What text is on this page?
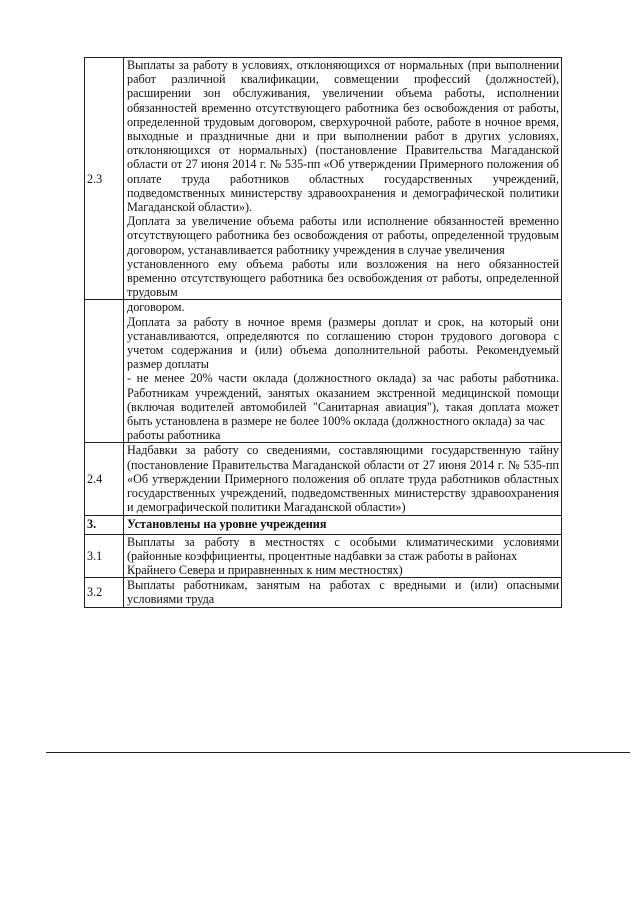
2.3	Выплаты за работу в условиях, отклоняющихся от нормальных (при выполнении работ различной квалификации, совмещении профессий (должностей), расширении зон обслуживания, увеличении объема работы, исполнении обязанностей временно отсутствующего работника без освобождения от работы, определенной трудовым договором, сверхурочной работе, работе в ночное время, выходные и праздничные дни и при выполнении работ в других условиях, отклоняющихся от нормальных) (постановление Правительства Магаданской области от 27 июня 2014 г. № 535-пп «Об утверждении Примерного положения об оплате труда работников областных государственных учреждений, подведомственных министерству здравоохранения и демографической политики Магаданской области»).
Доплата за увеличение объема работы или исполнение обязанностей временно отсутствующего работника без освобождения от работы, определенной трудовым договором, устанавливается работнику учреждения в случае увеличения
установленного ему объема работы или возложения на него обязанностей временно отсутствующего работника без освобождения от работы, определенной трудовым

	договором.
Доплата за работу в ночное время (размеры доплат и срок, на который они устанавливаются, определяются по соглашению сторон трудового договора с учетом содержания и (или) объема дополнительной работы. Рекомендуемый размер доплаты
- не менее 20% части оклада (должностного оклада) за час работы работника. Работникам учреждений, занятых оказанием экстренной медицинской помощи (включая водителей автомобилей "Санитарная авиация"), такая доплата может быть установлена в размере не более 100% оклада (должностного оклада) за час
работы работника

2.4	Надбавки за работу со сведениями, составляющими государственную тайну (постановление Правительства Магаданской области от 27 июня 2014 г. № 535-пп «Об утверждении Примерного положения об оплате труда работников областных государственных учреждений, подведомственных министерству здравоохранения и демографической политики Магаданской области»)

3.	Установлены на уровне учреждения
3.1	Выплаты за работу в местностях с особыми климатическими условиями (районные коэффициенты, процентные надбавки за стаж работы в районах
Крайнего Севера и приравненных к ним местностях)

3.2	Выплаты работникам, занятым на работах с вредными и (или) опасными условиями труда
